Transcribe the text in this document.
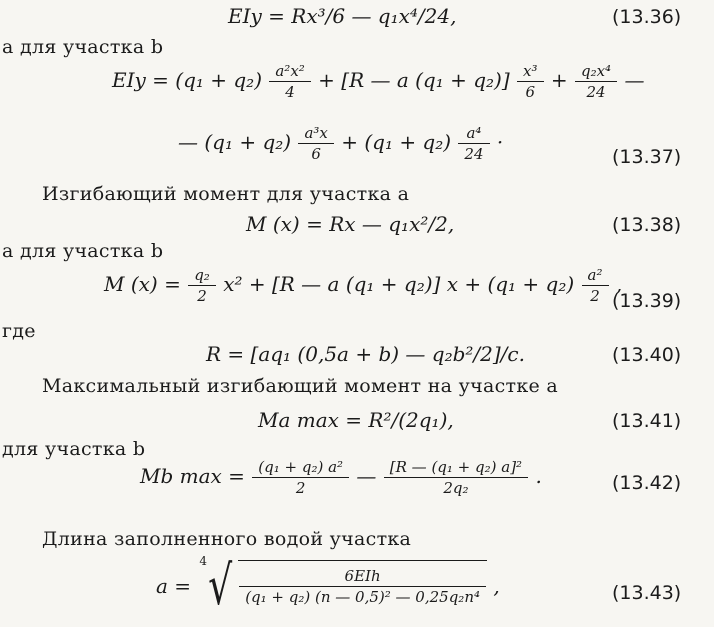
EIy = Rx³/6 — q₁x⁴/24,	(13.36)
а для участка b
EIy = $(q_1 + q_2) \frac{\text{a²x²}}{4} + [R$ — a $(q_1 + q_2)] \frac{\text{x³}}{6} + \frac{\text{q₂x⁴}}{24}$ —
— $(q_1 + q_2) \frac{\text{a³x}}{6} + (q_1 + q_2) \frac{\text{a⁴}}{24}$ ·
(13.37)
Изгибающий момент для участка a
M (x) = Rx — q₁x²/2,	(13.38)
а для участка b
M $(x) = \frac{\text{q₂}}{2} x^2 + [R$ — a (q₁ + q₂)] $x + (q_1 + q_2) \frac{\text{a²}}{2}$ ,
(13.39)
где
R = [aq₁ (0,5a + b) — q₂b²/2]/c.	(13.40)
Максимальный изгибающий момент на участке a
Ma max = R²/(2q₁),	(13.41)
для участка b
Mb $\max = \frac{\text{(q₁ + q₂) a²}}{2}$ — $\frac{\text{[R — (q₁ + q₂) a]²}}{\text{2q₂}}$ .	(13.42)
Длина заполненного водой участка
a =
4 √ $\frac{\text{6EIh}}{\text{(q₁ + q₂) (n — 0,5)² — 0,25q₂n⁴}}$ ,	(13.43)
